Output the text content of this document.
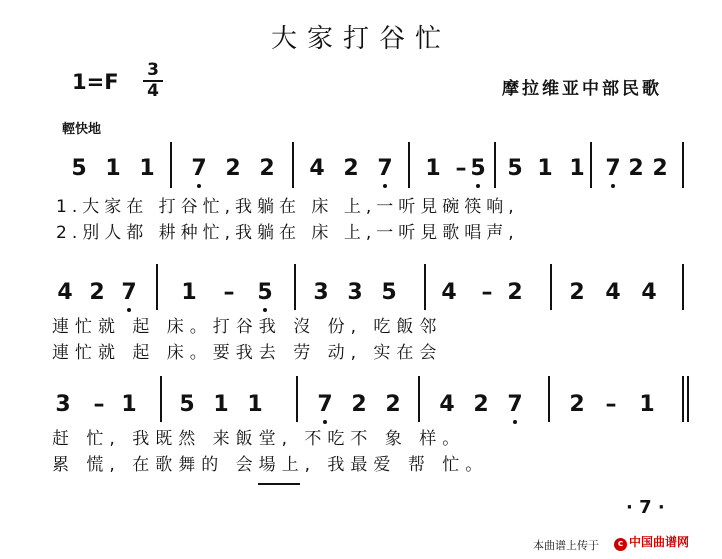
大家打谷忙
1=F 3
4	摩拉维亚中部民歌
輕快地
5 1 1 7 2 2 4 2 7 1 – 5 5 1 1 7 2 2
1.大家在 打谷忙,我躺在 床 上,一听見碗筷响,
2.別人都 耕种忙,我躺在 床 上,一听見歌唱声,
4 2 7 1 – 5 3 3 5 4 – 2 2 4 4
連忙就 起 床。打谷我 沒 份, 吃飯邻
連忙就 起 床。要我去 劳 动, 实在会
3 – 1 5 1 1 7 2 2 4 2 7 2 – 1
赶 忙, 我既然 来飯堂, 不吃不 象 样。
累 慌, 在歌舞的 会場上, 我最爱 帮 忙。
· 7 ·
本曲谱上传于	c 中国曲谱网
